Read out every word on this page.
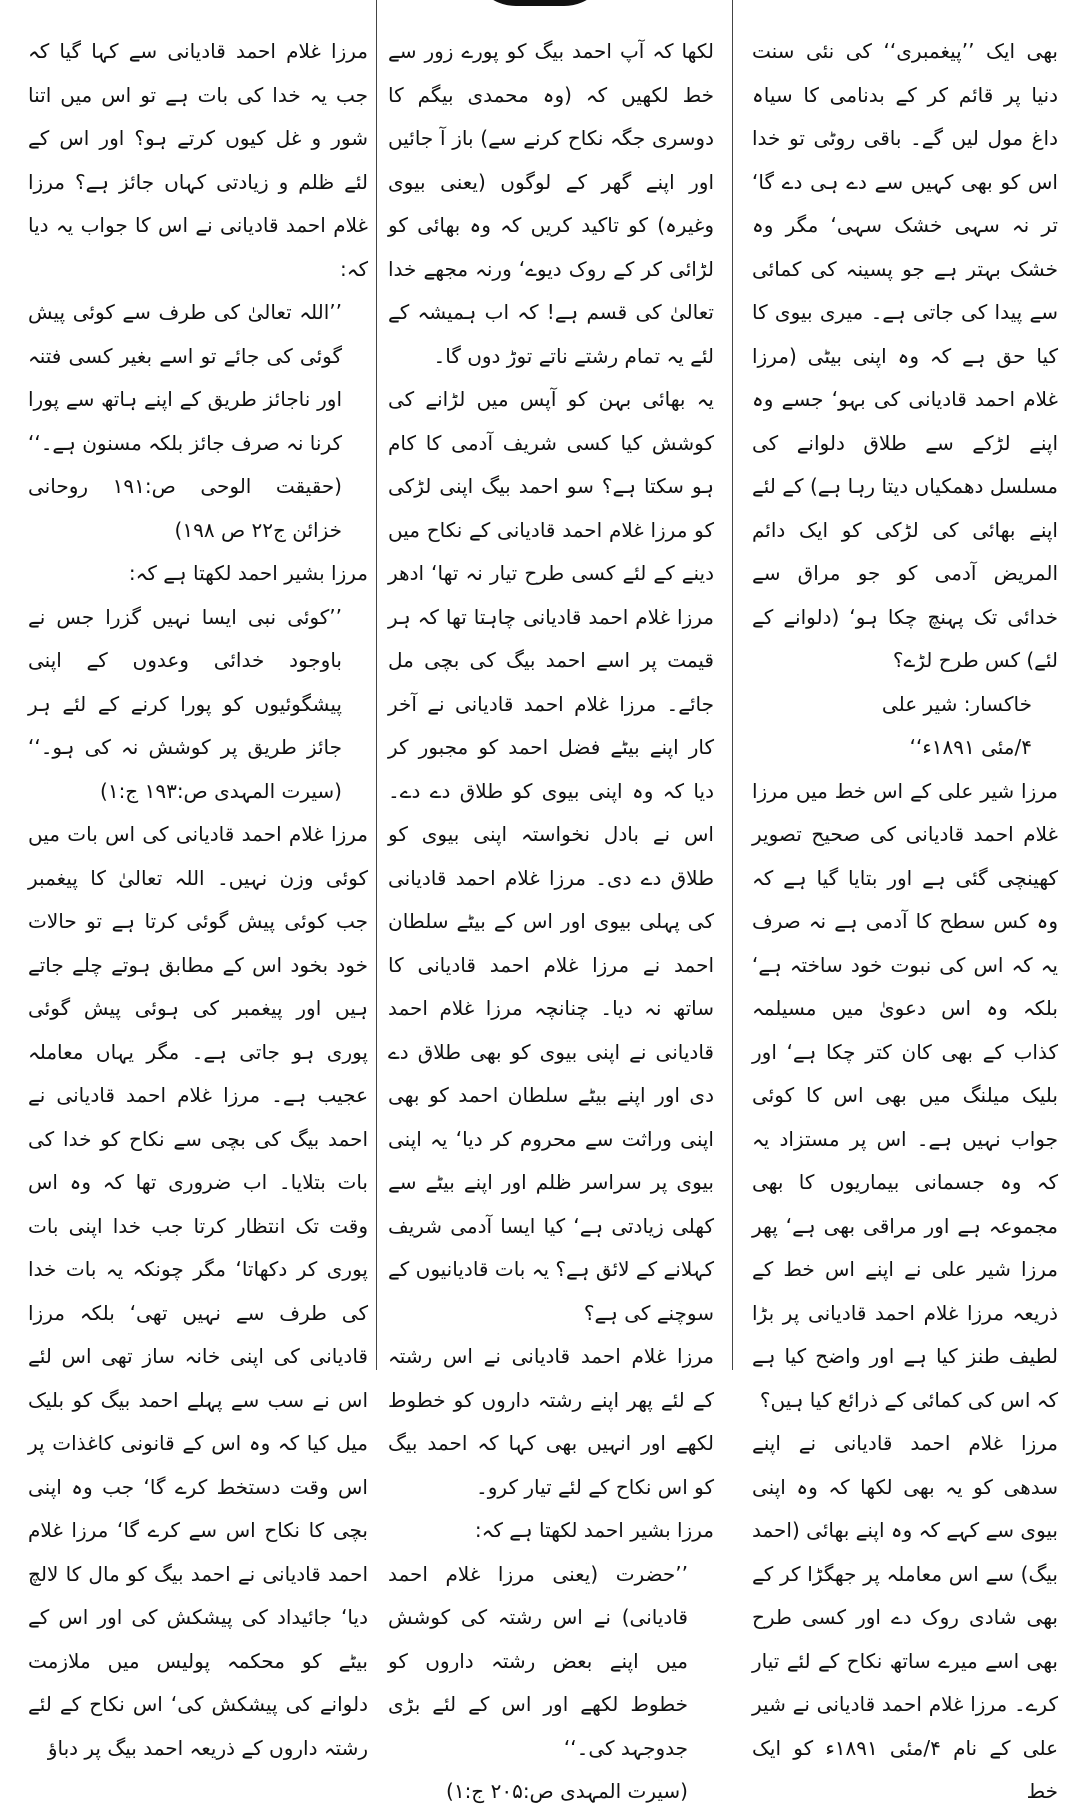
بھی ایک ’’پیغمبری‘‘ کی نئی سنت دنیا پر قائم کر کے بدنامی کا سیاہ داغ مول لیں گے۔ باقی روٹی تو خدا اس کو بھی کہیں سے دے ہی دے گا‘ تر نہ سہی خشک سہی‘ مگر وہ خشک بہتر ہے جو پسینہ کی کمائی سے پیدا کی جاتی ہے۔ میری بیوی کا کیا حق ہے کہ وہ اپنی بیٹی (مرزا غلام احمد قادیانی کی بہو‘ جسے وہ اپنے لڑکے سے طلاق دلوانے کی مسلسل دھمکیاں دیتا رہا ہے) کے لئے اپنے بھائی کی لڑکی کو ایک دائم المریض آدمی کو جو مراق سے خدائی تک پہنچ چکا ہو‘ (دلوانے کے لئے) کس طرح لڑے؟

خاکسار: شیر علی

۴/مئی ۱۸۹۱ء‘‘

مرزا شیر علی کے اس خط میں مرزا غلام احمد قادیانی کی صحیح تصویر کھینچی گئی ہے اور بتایا گیا ہے کہ وہ کس سطح کا آدمی ہے نہ صرف یہ کہ اس کی نبوت خود ساختہ ہے‘ بلکہ وہ اس دعویٰ میں مسیلمہ کذاب کے بھی کان کتر چکا ہے‘ اور بلیک میلنگ میں بھی اس کا کوئی جواب نہیں ہے۔ اس پر مستزاد یہ کہ وہ جسمانی بیماریوں کا بھی مجموعہ ہے اور مراقی بھی ہے‘ پھر مرزا شیر علی نے اپنے اس خط کے ذریعہ مرزا غلام احمد قادیانی پر بڑا لطیف طنز کیا ہے اور واضح کیا ہے کہ اس کی کمائی کے ذرائع کیا ہیں؟

مرزا غلام احمد قادیانی نے اپنے سدھی کو یہ بھی لکھا کہ وہ اپنی بیوی سے کہے کہ وہ اپنے بھائی (احمد بیگ) سے اس معاملہ پر جھگڑا کر کے بھی شادی روک دے اور کسی طرح بھی اسے میرے ساتھ نکاح کے لئے تیار کرے۔ مرزا غلام احمد قادیانی نے شیر علی کے نام ۴/مئی ۱۸۹۱ء کو ایک خط

لکھا کہ آپ احمد بیگ کو پورے زور سے خط لکھیں کہ (وہ محمدی بیگم کا دوسری جگہ نکاح کرنے سے) باز آ جائیں اور اپنے گھر کے لوگوں (یعنی بیوی وغیرہ) کو تاکید کریں کہ وہ بھائی کو لڑائی کر کے روک دیوے‘ ورنہ مجھے خدا تعالیٰ کی قسم ہے! کہ اب ہمیشہ کے لئے یہ تمام رشتے ناتے توڑ دوں گا۔

یہ بھائی بہن کو آپس میں لڑانے کی کوشش کیا کسی شریف آدمی کا کام ہو سکتا ہے؟ سو احمد بیگ اپنی لڑکی کو مرزا غلام احمد قادیانی کے نکاح میں دینے کے لئے کسی طرح تیار نہ تھا‘ ادھر مرزا غلام احمد قادیانی چاہتا تھا کہ ہر قیمت پر اسے احمد بیگ کی بچی مل جائے۔ مرزا غلام احمد قادیانی نے آخر کار اپنے بیٹے فضل احمد کو مجبور کر دیا کہ وہ اپنی بیوی کو طلاق دے دے۔ اس نے بادل نخواستہ اپنی بیوی کو طلاق دے دی۔ مرزا غلام احمد قادیانی کی پہلی بیوی اور اس کے بیٹے سلطان احمد نے مرزا غلام احمد قادیانی کا ساتھ نہ دیا۔ چنانچہ مرزا غلام احمد قادیانی نے اپنی بیوی کو بھی طلاق دے دی اور اپنے بیٹے سلطان احمد کو بھی اپنی وراثت سے محروم کر دیا‘ یہ اپنی بیوی پر سراسر ظلم اور اپنے بیٹے سے کھلی زیادتی ہے‘ کیا ایسا آدمی شریف کہلانے کے لائق ہے؟ یہ بات قادیانیوں کے سوچنے کی ہے؟

مرزا غلام احمد قادیانی نے اس رشتہ کے لئے پھر اپنے رشتہ داروں کو خطوط لکھے اور انہیں بھی کہا کہ احمد بیگ کو اس نکاح کے لئے تیار کرو۔

مرزا بشیر احمد لکھتا ہے کہ:

’’حضرت (یعنی مرزا غلام احمد قادیانی) نے اس رشتہ کی کوشش میں اپنے بعض رشتہ داروں کو خطوط لکھے اور اس کے لئے بڑی جدوجہد کی۔‘‘

(سیرت المہدی ص:۲۰۵ ج:۱)

مرزا غلام احمد قادیانی سے کہا گیا کہ جب یہ خدا کی بات ہے تو اس میں اتنا شور و غل کیوں کرتے ہو؟ اور اس کے لئے ظلم و زیادتی کہاں جائز ہے؟ مرزا غلام احمد قادیانی نے اس کا جواب یہ دیا کہ:

’’اللہ تعالیٰ کی طرف سے کوئی پیش گوئی کی جائے تو اسے بغیر کسی فتنہ اور ناجائز طریق کے اپنے ہاتھ سے پورا کرنا نہ صرف جائز بلکہ مسنون ہے۔‘‘ (حقیقت الوحی ص:۱۹۱ روحانی خزائن ج۲۲ ص ۱۹۸)

مرزا بشیر احمد لکھتا ہے کہ:

’’کوئی نبی ایسا نہیں گزرا جس نے باوجود خدائی وعدوں کے اپنی پیشگوئیوں کو پورا کرنے کے لئے ہر جائز طریق پر کوشش نہ کی ہو۔‘‘ (سیرت المہدی ص:۱۹۳ ج:۱)

مرزا غلام احمد قادیانی کی اس بات میں کوئی وزن نہیں۔ اللہ تعالیٰ کا پیغمبر جب کوئی پیش گوئی کرتا ہے تو حالات خود بخود اس کے مطابق ہوتے چلے جاتے ہیں اور پیغمبر کی ہوئی پیش گوئی پوری ہو جاتی ہے۔ مگر یہاں معاملہ عجیب ہے۔ مرزا غلام احمد قادیانی نے احمد بیگ کی بچی سے نکاح کو خدا کی بات بتلایا۔ اب ضروری تھا کہ وہ اس وقت تک انتظار کرتا جب خدا اپنی بات پوری کر دکھاتا‘ مگر چونکہ یہ بات خدا کی طرف سے نہیں تھی‘ بلکہ مرزا قادیانی کی اپنی خانہ ساز تھی اس لئے اس نے سب سے پہلے احمد بیگ کو بلیک میل کیا کہ وہ اس کے قانونی کاغذات پر اس وقت دستخط کرے گا‘ جب وہ اپنی بچی کا نکاح اس سے کرے گا‘ مرزا غلام احمد قادیانی نے احمد بیگ کو مال کا لالچ دیا‘ جائیداد کی پیشکش کی اور اس کے بیٹے کو محکمہ پولیس میں ملازمت دلوانے کی پیشکش کی‘ اس نکاح کے لئے رشتہ داروں کے ذریعہ احمد بیگ پر دباؤ
